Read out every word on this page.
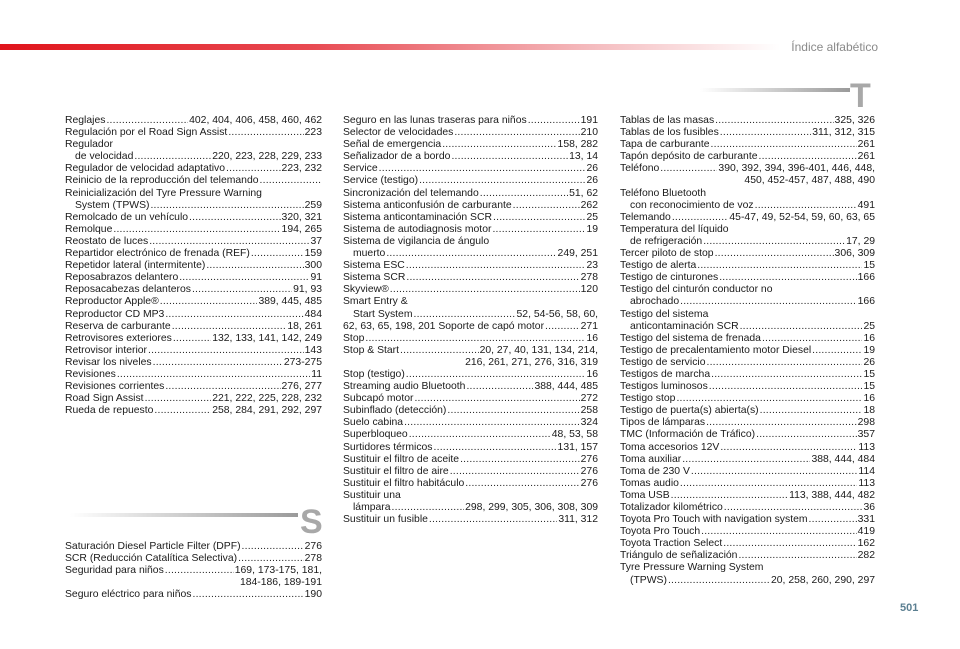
Índice alfabético
T
S
Reglajes .....	402, 404, 406, 458, 460, 462
Regulación por el Road Sign Assist .....	223
Regulador
de velocidad .....	220, 223, 228, 229, 233
Regulador de velocidad adaptativo .....	223, 232
Reinicio de la reproducción del telemando
.....
Reinicialización del Tyre Pressure Warning
System (TPWS) .....	259
Remolcado de un vehículo .....	320, 321
Remolque .....	194, 265
Reostato de luces .....	37
Repartidor electrónico de frenada (REF) .....	159
Repetidor lateral (intermitente) .....	300
Reposabrazos delantero .....	91
Reposacabezas delanteros .....	91, 93
Reproductor Apple® .....	389, 445, 485
Reproductor CD MP3 .....	484
Reserva de carburante .....	18, 261
Retrovisores exteriores .....	132, 133, 141, 142, 249
Retrovisor interior .....	143
Revisar los niveles .....	273-275
Revisiones .....	11
Revisiones corrientes .....	276, 277
Road Sign Assist .....	221, 222, 225, 228, 232
Rueda de repuesto .....	258, 284, 291, 292, 297
Saturación Diesel Particle Filter (DPF) .....	276
SCR (Reducción Catalítica Selectiva) .....	278
Seguridad para niños .....	169, 173-175, 181,
184-186, 189-191
Seguro eléctrico para niños .....	190
Seguro en las lunas traseras para niños .....	191
Selector de velocidades .....	210
Señal de emergencia .....	158, 282
Señalizador de a bordo .....	13, 14
Service .....	26
Service (testigo) .....	26
Sincronización del telemando .....	51, 62
Sistema anticonfusión de carburante .....	262
Sistema anticontaminación SCR .....	25
Sistema de autodiagnosis motor .....	19
Sistema de vigilancia de ángulo
muerto .....	249, 251
Sistema ESC .....	23
Sistema SCR .....	278
Skyview® .....	120
Smart Entry &
Start System .....	52, 54-56, 58, 60,
62, 63, 65, 198, 201 Soporte de capó motor .....	271
Stop .....	16
Stop & Start .....	20, 27, 40, 131, 134, 214,
216, 261, 271, 276, 316, 319
Stop (testigo) .....	16
Streaming audio Bluetooth .....	388, 444, 485
Subcapó motor .....	272
Subinflado (detección) .....	258
Suelo cabina .....	324
Superbloqueo .....	48, 53, 58
Surtidores térmicos .....	131, 157
Sustituir el filtro de aceite .....	276
Sustituir el filtro de aire .....	276
Sustituir el filtro habitáculo .....	276
Sustituir una
lámpara .....	298, 299, 305, 306, 308, 309
Sustituir un fusible .....	311, 312
Tablas de las masas .....	325, 326
Tablas de los fusibles .....	311, 312, 315
Tapa de carburante .....	261
Tapón depósito de carburante .....	261
Teléfono .....	390, 392, 394, 396-401, 446, 448,
450, 452-457, 487, 488, 490
Teléfono Bluetooth
con reconocimiento de voz .....	491
Telemando .....	45-47, 49, 52-54, 59, 60, 63, 65
Temperatura del líquido
de refrigeración .....	17, 29
Tercer piloto de stop .....	306, 309
Testigo de alerta .....	15
Testigo de cinturones .....	166
Testigo del cinturón conductor no
abrochado .....	166
Testigo del sistema
anticontaminación SCR .....	25
Testigo del sistema de frenada .....	16
Testigo de precalentamiento motor Diesel .....	19
Testigo de servicio .....	26
Testigos de marcha .....	15
Testigos luminosos .....	15
Testigo stop .....	16
Testigo de puerta(s) abierta(s) .....	18
Tipos de lámparas .....	298
TMC (Información de Tráfico) .....	357
Toma accesorios 12V .....	113
Toma auxiliar .....	388, 444, 484
Toma de 230 V .....	114
Tomas audio .....	113
Toma USB .....	113, 388, 444, 482
Totalizador kilométrico .....	36
Toyota Pro Touch with navigation system .....	331
Toyota Pro Touch .....	419
Toyota Traction Select .....	162
Triángulo de señalización .....	282
Tyre Pressure Warning System
(TPWS) .....	20, 258, 260, 290, 297
501
